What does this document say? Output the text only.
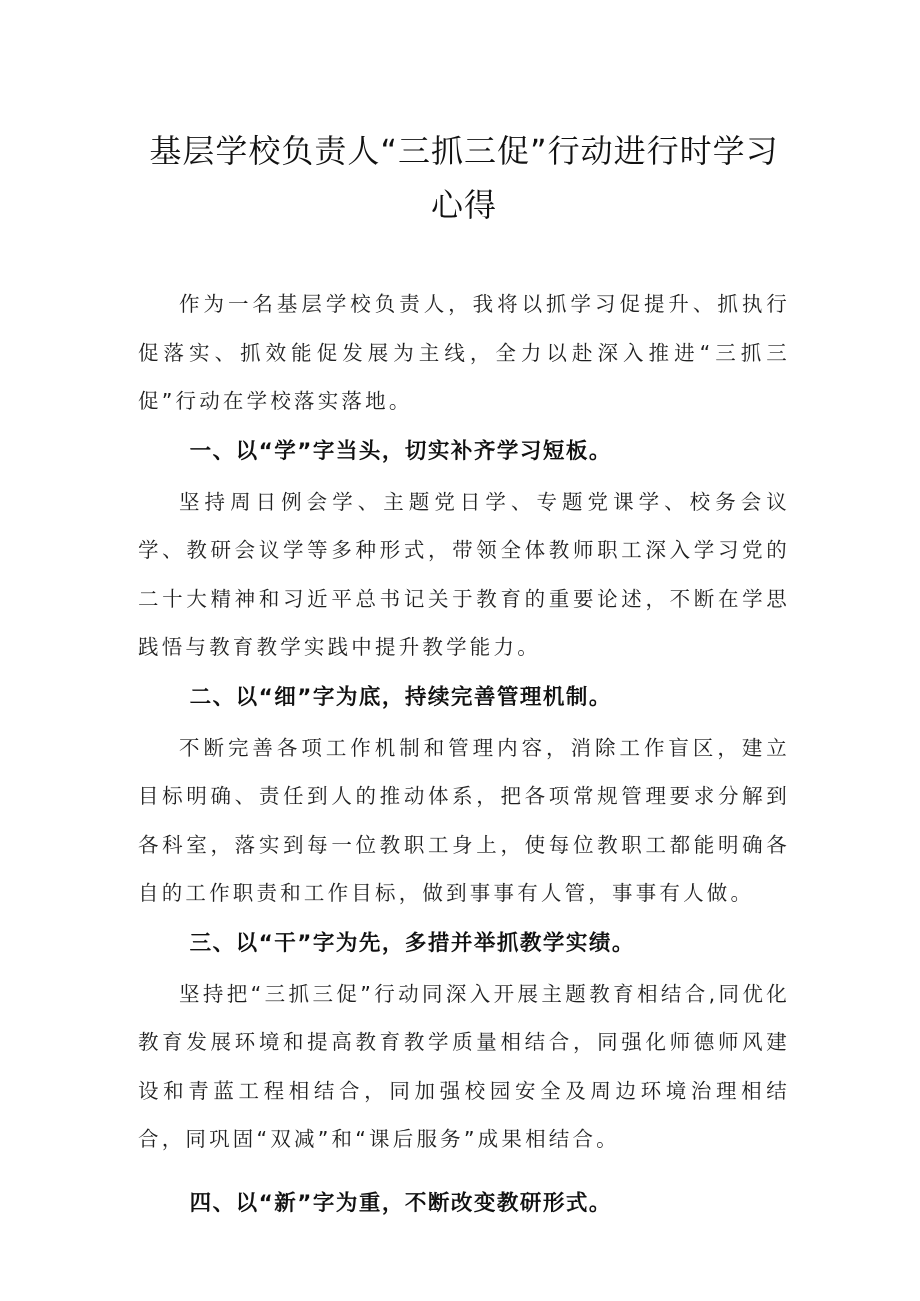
基层学校负责人“三抓三促”行动进行时学习心得

作为一名基层学校负责人，我将以抓学习促提升、抓执行促落实、抓效能促发展为主线，全力以赴深入推进“三抓三促”行动在学校落实落地。

一、以“学”字当头，切实补齐学习短板。

坚持周日例会学、主题党日学、专题党课学、校务会议学、教研会议学等多种形式，带领全体教师职工深入学习党的二十大精神和习近平总书记关于教育的重要论述，不断在学思践悟与教育教学实践中提升教学能力。

二、以“细”字为底，持续完善管理机制。

不断完善各项工作机制和管理内容，消除工作盲区，建立目标明确、责任到人的推动体系，把各项常规管理要求分解到各科室，落实到每一位教职工身上，使每位教职工都能明确各自的工作职责和工作目标，做到事事有人管，事事有人做。

三、以“干”字为先，多措并举抓教学实绩。

坚持把“三抓三促”行动同深入开展主题教育相结合,同优化教育发展环境和提高教育教学质量相结合，同强化师德师风建设和青蓝工程相结合，同加强校园安全及周边环境治理相结合，同巩固“双减”和“课后服务”成果相结合。

四、以“新”字为重，不断改变教研形式。
